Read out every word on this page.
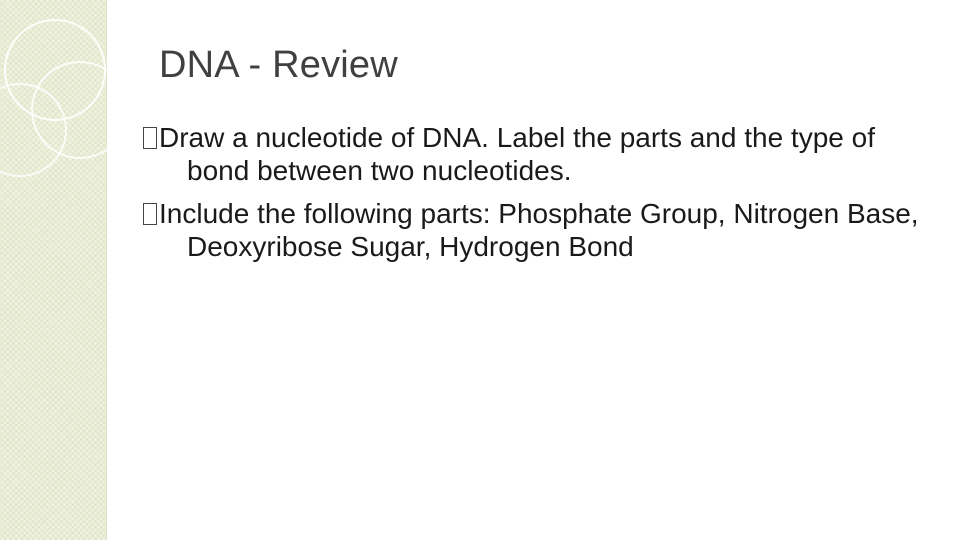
DNA - Review
Draw a nucleotide of DNA. Label the parts and the type of bond between two nucleotides.
Include the following parts: Phosphate Group, Nitrogen Base, Deoxyribose Sugar, Hydrogen Bond
